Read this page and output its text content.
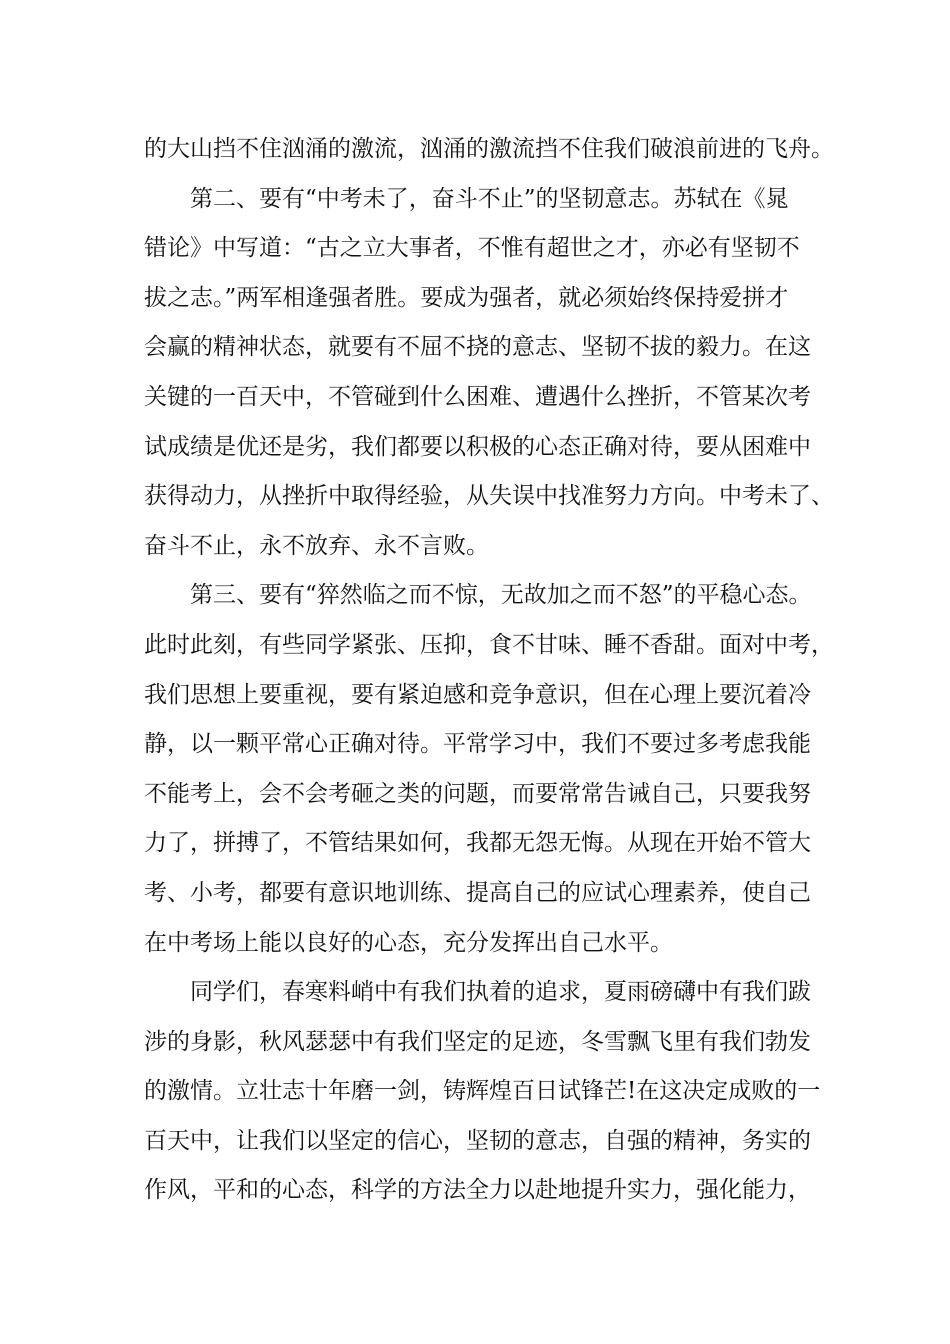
的大山挡不住汹涌的激流，汹涌的激流挡不住我们破浪前进的飞舟。
第二、要有“中考未了，奋斗不止”的坚韧意志。苏轼在《晁
错论》中写道：“古之立大事者，不惟有超世之才，亦必有坚韧不
拔之志。”两军相逢强者胜。要成为强者，就必须始终保持爱拼才
会赢的精神状态，就要有不屈不挠的意志、坚韧不拔的毅力。在这
关键的一百天中，不管碰到什么困难、遭遇什么挫折，不管某次考
试成绩是优还是劣，我们都要以积极的心态正确对待，要从困难中
获得动力，从挫折中取得经验，从失误中找准努力方向。中考未了、
奋斗不止，永不放弃、永不言败。
第三、要有“猝然临之而不惊，无故加之而不怒”的平稳心态。
此时此刻，有些同学紧张、压抑，食不甘味、睡不香甜。面对中考，
我们思想上要重视，要有紧迫感和竞争意识，但在心理上要沉着冷
静，以一颗平常心正确对待。平常学习中，我们不要过多考虑我能
不能考上，会不会考砸之类的问题，而要常常告诫自己，只要我努
力了，拼搏了，不管结果如何，我都无怨无悔。从现在开始不管大
考、小考，都要有意识地训练、提高自己的应试心理素养，使自己
在中考场上能以良好的心态，充分发挥出自己水平。
同学们，春寒料峭中有我们执着的追求，夏雨磅礴中有我们跋
涉的身影，秋风瑟瑟中有我们坚定的足迹，冬雪飘飞里有我们勃发
的激情。立壮志十年磨一剑，铸辉煌百日试锋芒!在这决定成败的一
百天中，让我们以坚定的信心，坚韧的意志，自强的精神，务实的
作风，平和的心态，科学的方法全力以赴地提升实力，强化能力，
